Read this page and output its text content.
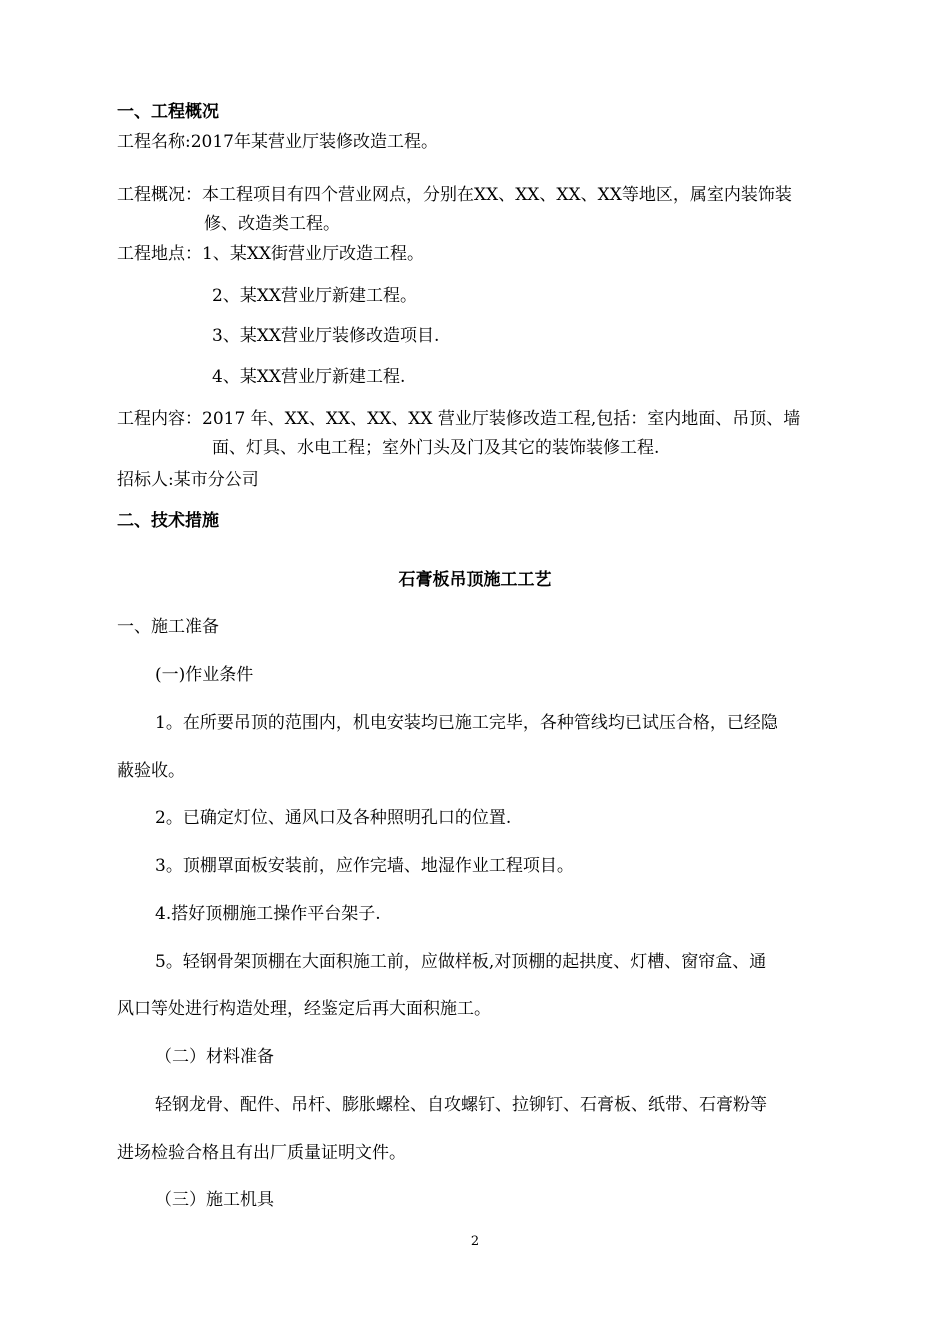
一、工程概况
工程名称:2017年某营业厅装修改造工程。
工程概况：本工程项目有四个营业网点，分别在XX、XX、XX、XX等地区，属室内装饰装
修、改造类工程。
工程地点：1、某XX街营业厅改造工程。
2、某XX营业厅新建工程。
3、某XX营业厅装修改造项目.
4、某XX营业厅新建工程.
工程内容：2017 年、XX、XX、XX、XX 营业厅装修改造工程,包括：室内地面、吊顶、墙
面、灯具、水电工程；室外门头及门及其它的装饰装修工程.
招标人:某市分公司
二、技术措施
石膏板吊顶施工工艺
一、施工准备
(一)作业条件
1。在所要吊顶的范围内，机电安装均已施工完毕，各种管线均已试压合格，已经隐
蔽验收。
2。已确定灯位、通风口及各种照明孔口的位置.
3。顶棚罩面板安装前，应作完墙、地湿作业工程项目。
4.搭好顶棚施工操作平台架子.
5。轻钢骨架顶棚在大面积施工前，应做样板,对顶棚的起拱度、灯槽、窗帘盒、通
风口等处进行构造处理，经鉴定后再大面积施工。
（二）材料准备
轻钢龙骨、配件、吊杆、膨胀螺栓、自攻螺钉、拉铆钉、石膏板、纸带、石膏粉等
进场检验合格且有出厂质量证明文件。
（三）施工机具
2
